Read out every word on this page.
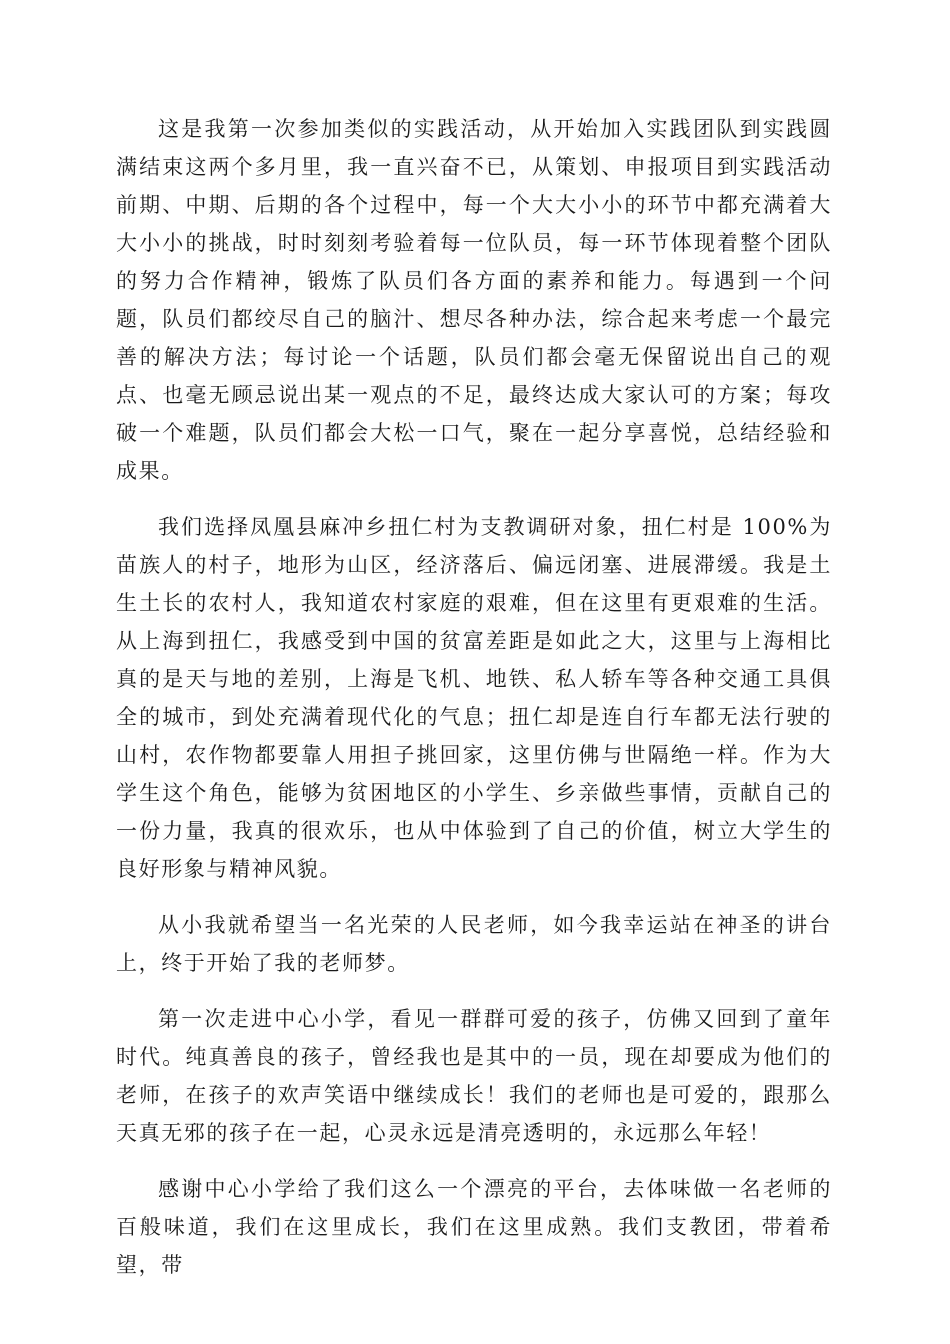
这是我第一次参加类似的实践活动，从开始加入实践团队到实践圆满结束这两个多月里，我一直兴奋不已，从策划、申报项目到实践活动前期、中期、后期的各个过程中，每一个大大小小的环节中都充满着大大小小的挑战，时时刻刻考验着每一位队员，每一环节体现着整个团队的努力合作精神，锻炼了队员们各方面的素养和能力。每遇到一个问题，队员们都绞尽自己的脑汁、想尽各种办法，综合起来考虑一个最完善的解决方法；每讨论一个话题，队员们都会毫无保留说出自己的观点、也毫无顾忌说出某一观点的不足，最终达成大家认可的方案；每攻破一个难题，队员们都会大松一口气，聚在一起分享喜悦，总结经验和成果。

我们选择凤凰县麻冲乡扭仁村为支教调研对象，扭仁村是 100%为苗族人的村子，地形为山区，经济落后、偏远闭塞、进展滞缓。我是土生土长的农村人，我知道农村家庭的艰难，但在这里有更艰难的生活。从上海到扭仁，我感受到中国的贫富差距是如此之大，这里与上海相比真的是天与地的差别，上海是飞机、地铁、私人轿车等各种交通工具俱全的城市，到处充满着现代化的气息；扭仁却是连自行车都无法行驶的山村，农作物都要靠人用担子挑回家，这里仿佛与世隔绝一样。作为大学生这个角色，能够为贫困地区的小学生、乡亲做些事情，贡献自己的一份力量，我真的很欢乐，也从中体验到了自己的价值，树立大学生的良好形象与精神风貌。

从小我就希望当一名光荣的人民老师，如今我幸运站在神圣的讲台上，终于开始了我的老师梦。

第一次走进中心小学，看见一群群可爱的孩子，仿佛又回到了童年时代。纯真善良的孩子，曾经我也是其中的一员，现在却要成为他们的老师，在孩子的欢声笑语中继续成长！我们的老师也是可爱的，跟那么天真无邪的孩子在一起，心灵永远是清亮透明的，永远那么年轻！

感谢中心小学给了我们这么一个漂亮的平台，去体味做一名老师的百般味道，我们在这里成长，我们在这里成熟。我们支教团，带着希望，带
